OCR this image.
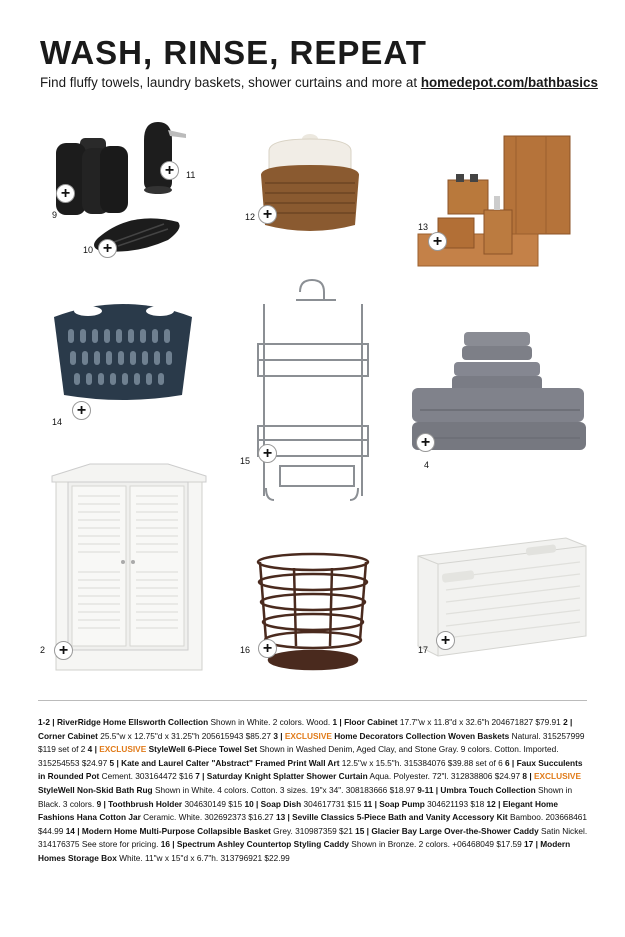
WASH, RINSE, REPEAT
Find fluffy towels, laundry baskets, shower curtains and more at homedepot.com/bathbasics
+
9
+
10
+	11
+
12
+
13
+
14
+
15
+
4
+
2	+
16
+
17
1-2 | RiverRidge Home Ellsworth Collection Shown in White. 2 colors. Wood. 1 | Floor Cabinet 17.7"w x 11.8"d x 32.6"h 204671827 $79.91 2 | Corner Cabinet 25.5"w x 12.75"d x 31.25"h 205615943 $85.27 3 | EXCLUSIVE Home Decorators Collection Woven Baskets Natural. 315257999 $119 set of 2 4 | EXCLUSIVE StyleWell 6-Piece Towel Set Shown in Washed Denim, Aged Clay, and Stone Gray. 9 colors. Cotton. Imported. 315254553 $24.97 5 | Kate and Laurel Calter "Abstract" Framed Print Wall Art 12.5"w x 15.5"h. 315384076 $39.88 set of 6 6 | Faux Succulents in Rounded Pot Cement. 303164472 $16 7 | Saturday Knight Splatter Shower Curtain Aqua. Polyester. 72"l. 312838806 $24.97 8 | EXCLUSIVE StyleWell Non-Skid Bath Rug Shown in White. 4 colors. Cotton. 3 sizes. 19"x 34". 308183666 $18.97 9-11 | Umbra Touch Collection Shown in Black. 3 colors. 9 | Toothbrush Holder 304630149 $15 10 | Soap Dish 304617731 $15 11 | Soap Pump 304621193 $18 12 | Elegant Home Fashions Hana Cotton Jar Ceramic. White. 302692373 $16.27 13 | Seville Classics 5-Piece Bath and Vanity Accessory Kit Bamboo. 203668461 $44.99 14 | Modern Home Multi-Purpose Collapsible Basket Grey. 310987359 $21 15 | Glacier Bay Large Over-the-Shower Caddy Satin Nickel. 314176375 See store for pricing. 16 | Spectrum Ashley Countertop Styling Caddy Shown in Bronze. 2 colors. +06468049 $17.59 17 | Modern Homes Storage Box White. 11"w x 15"d x 6.7"h. 313796921 $22.99
